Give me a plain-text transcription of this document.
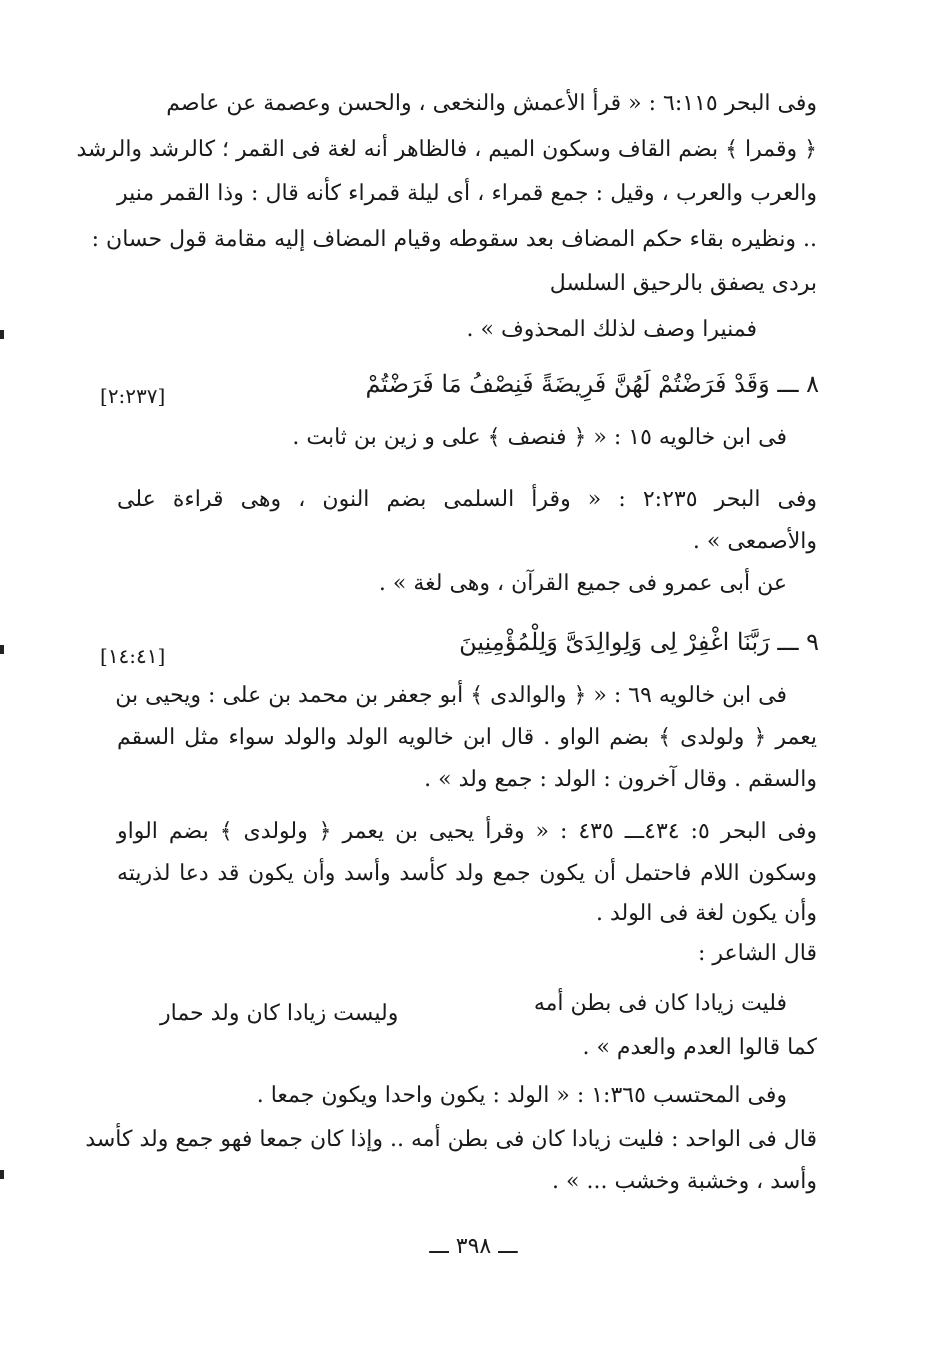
وفى البحر ٦:١١٥ : « قرأ الأعمش والنخعى ، والحسن وعصمة عن عاصم
﴿ وقمرا ﴾ بضم القاف وسكون الميم ، فالظاهر أنه لغة فى القمر ؛ كالرشد والرشد
والعرب والعرب ، وقيل : جمع قمراء ، أى ليلة قمراء كأنه قال : وذا القمر منير
.. ونظيره بقاء حكم المضاف بعد سقوطه وقيام المضاف إليه مقامة قول حسان :
بردى يصفق بالرحيق السلسل
فمنيرا وصف لذلك المحذوف » .
٨ ـــ وَقَدْ فَرَضْتُمْ لَهُنَّ فَرِيضَةً فَنِصْفُ مَا فَرَضْتُمْ
[٢:٢٣٧]
فى ابن خالويه ١٥ : « ﴿ فنصف ﴾ على و زين بن ثابت .
وفى البحر ٢:٢٣٥ : « وقرأ السلمى بضم النون ، وهى قراءة على
والأصمعى » .
عن أبى عمرو فى جميع القرآن ، وهى لغة » .
٩ ـــ رَبَّنَا اغْفِرْ لِى وَلِوالِدَىَّ وَلِلْمُؤْمِنِينَ
[١٤:٤١]
فى ابن خالويه ٦٩ : « ﴿ والوالدى ﴾ أبو جعفر بن محمد بن على : ويحيى بن
يعمر ﴿ ولولدى ﴾ بضم الواو . قال ابن خالويه الولد والولد سواء مثل السقم
والسقم . وقال آخرون : الولد : جمع ولد » .
وفى البحر ٥: ٤٣٤ـــ ٤٣٥ : « وقرأ يحيى بن يعمر ﴿ ولولدى ﴾ بضم الواو
وسكون اللام فاحتمل أن يكون جمع ولد كأسد وأسد وأن يكون قد دعا لذريته
وأن يكون لغة فى الولد .
قال الشاعر :
فليت زيادا كان فى بطن أمه
وليست زيادا كان ولد حمار
كما قالوا العدم والعدم » .
وفى المحتسب ١:٣٦٥ : « الولد : يكون واحدا ويكون جمعا .
قال فى الواحد : فليت زيادا كان فى بطن أمه .. وإذا كان جمعا فهو جمع ولد كأسد
وأسد ، وخشبة وخشب ... » .
ـــ ٣٩٨ ـــ
